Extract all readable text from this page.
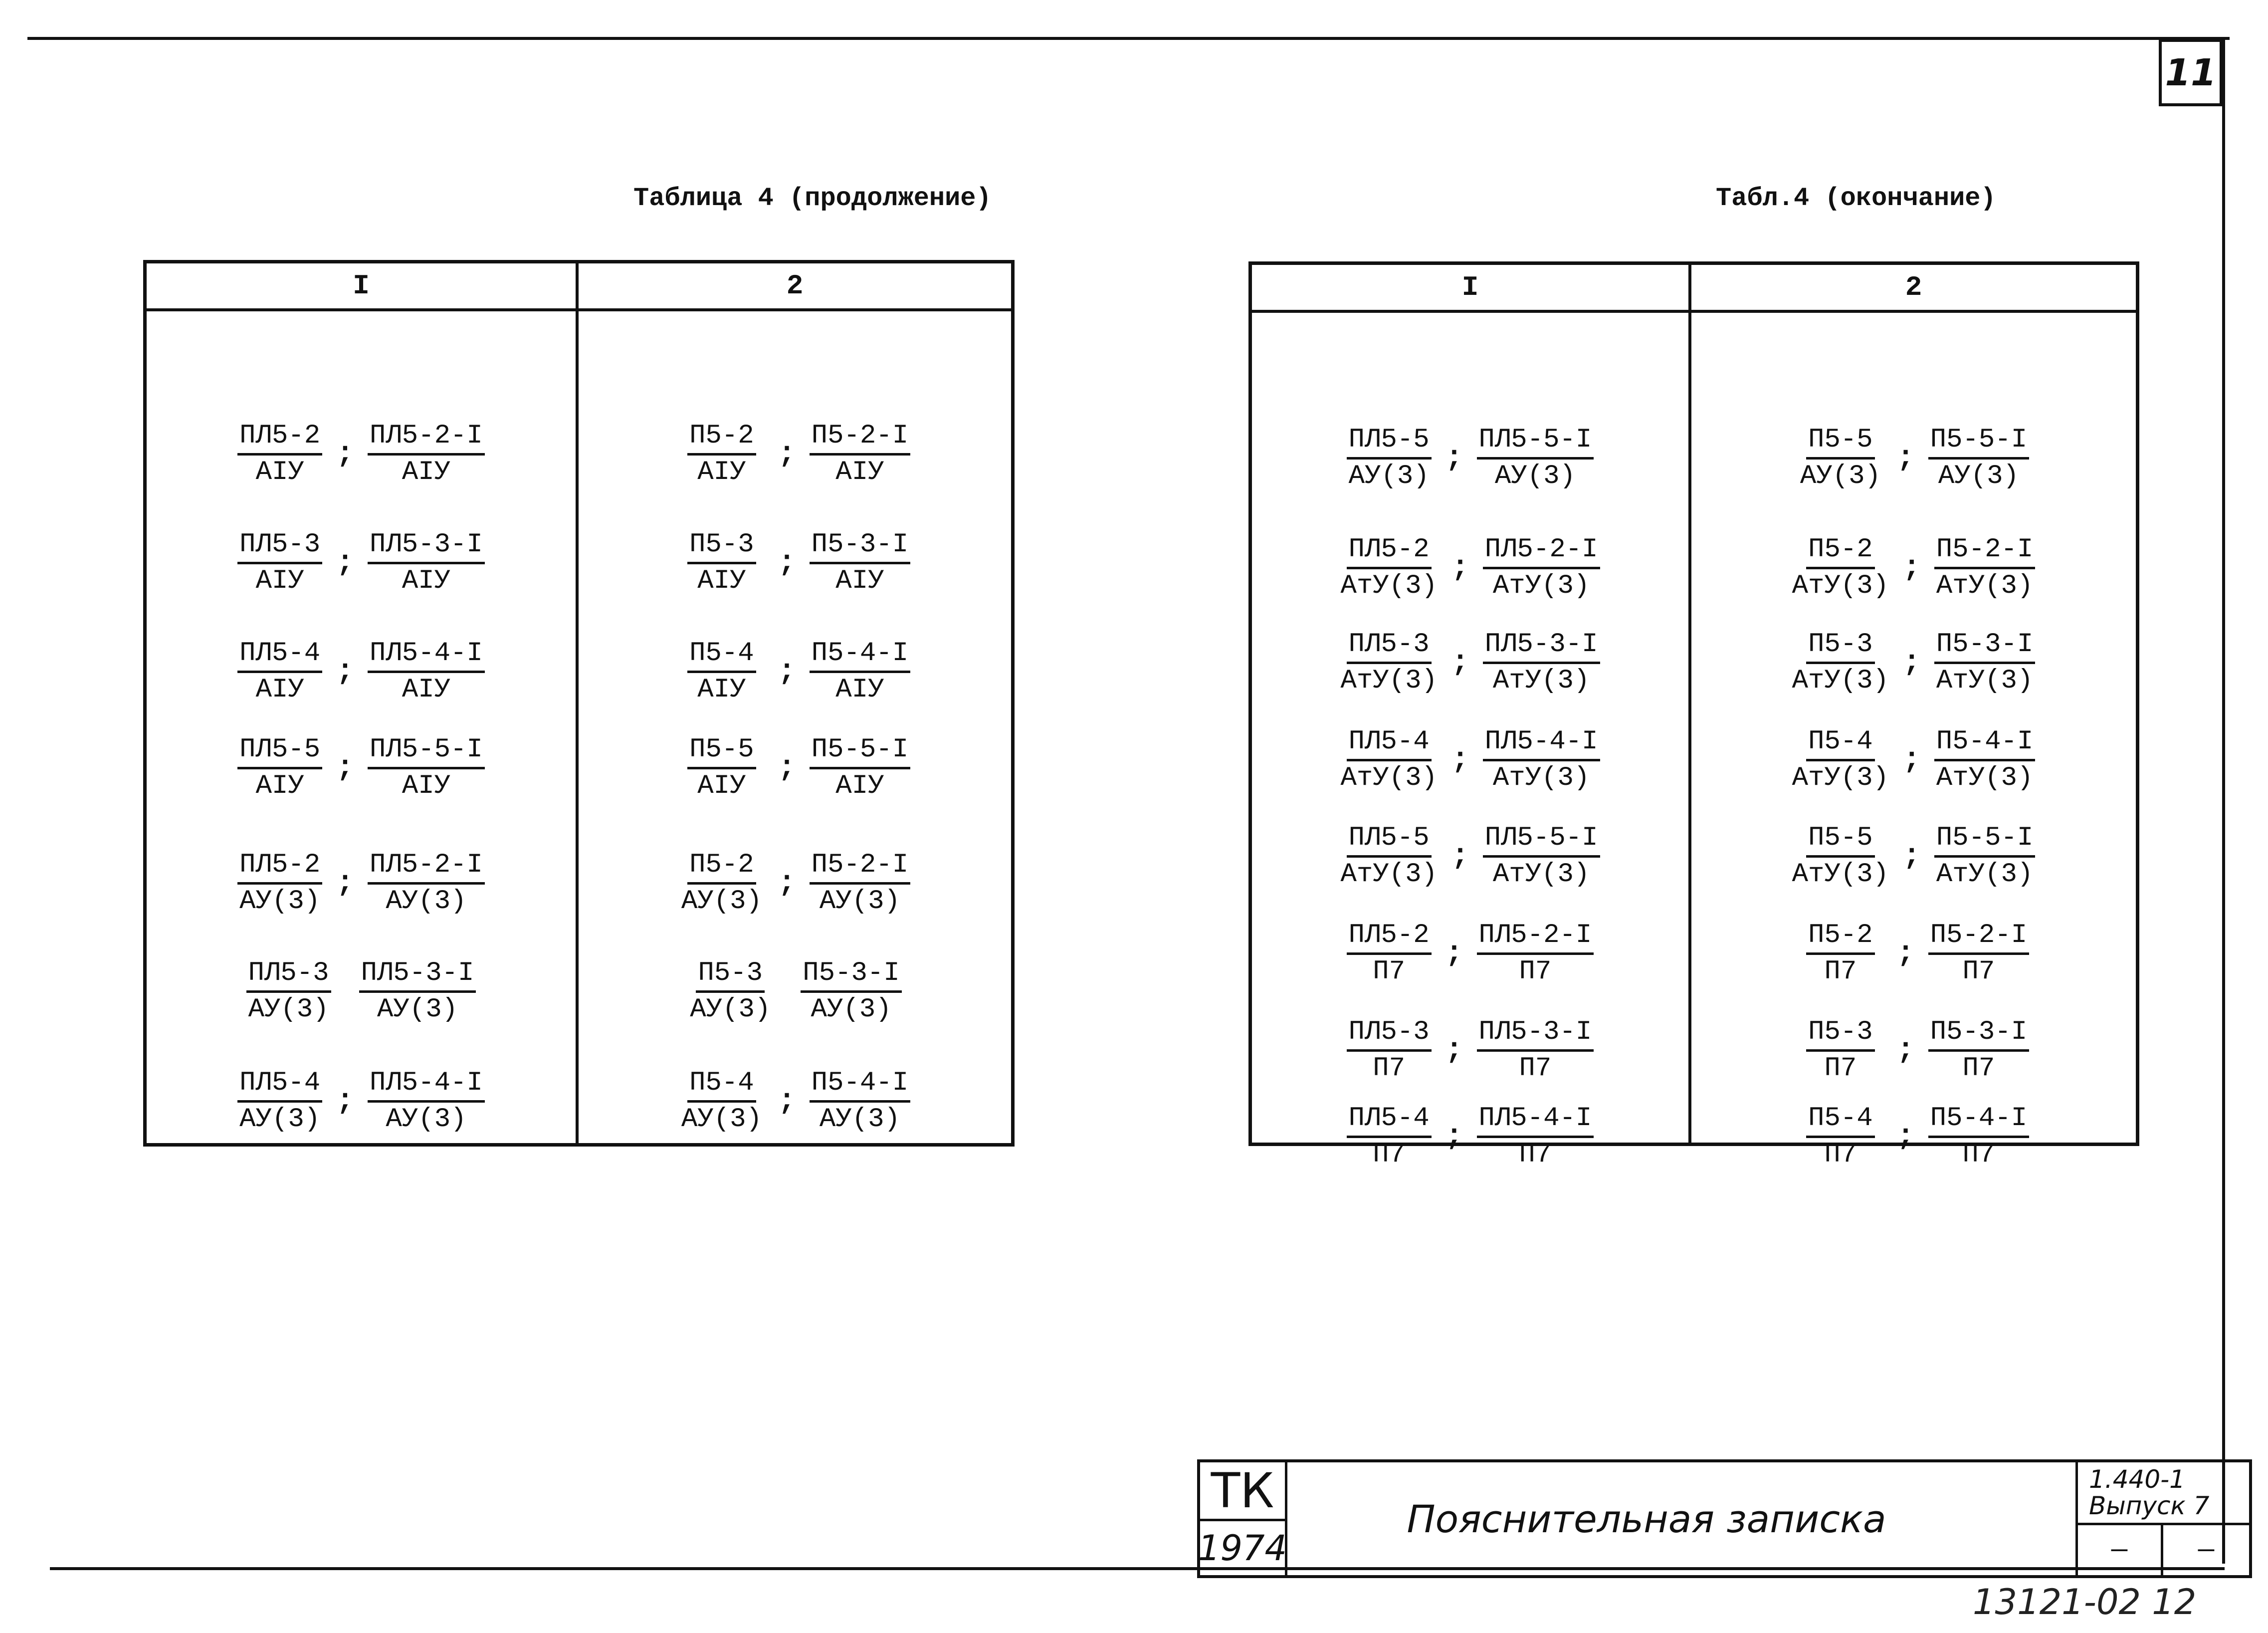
11
Таблица 4 (продолжение)
I
$\frac{ПЛ5-2}{\text{АIУ}}$ ; $\frac{ПЛ5-2-I}{\text{АIУ}}$
$\frac{ПЛ5-3}{\text{АIУ}}$ ; $\frac{ПЛ5-3-I}{\text{АIУ}}$
$\frac{ПЛ5-4}{\text{АIУ}}$ ; $\frac{ПЛ5-4-I}{\text{АIУ}}$
$\frac{ПЛ5-5}{\text{АIУ}}$ ; $\frac{ПЛ5-5-I}{\text{АIУ}}$
$\frac{ПЛ5-2}{АУ(3)}$ ; $\frac{ПЛ5-2-I}{АУ(3)}$
$\frac{ПЛ5-3}{АУ(3)} \frac{ПЛ5-3-I}{АУ(3)}$
$\frac{ПЛ5-4}{АУ(3)}$ ; $\frac{ПЛ5-4-I}{АУ(3)}$
2
$\frac{П5-2}{\text{АIУ}}$ ; $\frac{П5-2-I}{\text{АIУ}}$
$\frac{П5-3}{\text{АIУ}}$ ; $\frac{П5-3-I}{\text{АIУ}}$
$\frac{П5-4}{\text{АIУ}}$ ; $\frac{П5-4-I}{\text{АIУ}}$
$\frac{П5-5}{\text{АIУ}}$ ; $\frac{П5-5-I}{\text{АIУ}}$
$\frac{П5-2}{АУ(3)}$ ; $\frac{П5-2-I}{АУ(3)}$
$\frac{П5-3}{АУ(3)} \frac{П5-3-I}{АУ(3)}$
$\frac{П5-4}{АУ(3)}$ ; $\frac{П5-4-I}{АУ(3)}$
Табл.4 (окончание)
I
$\frac{ПЛ5-5}{АУ(3)}$ ; $\frac{ПЛ5-5-I}{АУ(3)}$
$\frac{ПЛ5-2}{\text{АтУ(3)}}$ ; $\frac{ПЛ5-2-I}{\text{АтУ(3)}}$
$\frac{ПЛ5-3}{\text{АтУ(3)}}$ ; $\frac{ПЛ5-3-I}{\text{АтУ(3)}}$
$\frac{ПЛ5-4}{\text{АтУ(3)}}$ ; $\frac{ПЛ5-4-I}{\text{АтУ(3)}}$
$\frac{ПЛ5-5}{\text{АтУ(3)}}$ ; $\frac{ПЛ5-5-I}{\text{АтУ(3)}}$
$\frac{ПЛ5-2}{П7}$ ; $\frac{ПЛ5-2-I}{П7}$
$\frac{ПЛ5-3}{П7}$ ; $\frac{ПЛ5-3-I}{П7}$
$\frac{ПЛ5-4}{П7}$ ; $\frac{ПЛ5-4-I}{П7}$
2
$\frac{П5-5}{АУ(3)}$ ; $\frac{П5-5-I}{АУ(3)}$
$\frac{П5-2}{\text{АтУ(3)}}$ ; $\frac{П5-2-I}{\text{АтУ(3)}}$
$\frac{П5-3}{\text{АтУ(3)}}$ ; $\frac{П5-3-I}{\text{АтУ(3)}}$
$\frac{П5-4}{\text{АтУ(3)}}$ ; $\frac{П5-4-I}{\text{АтУ(3)}}$
$\frac{П5-5}{\text{АтУ(3)}}$ ; $\frac{П5-5-I}{\text{АтУ(3)}}$
$\frac{П5-2}{П7}$ ; $\frac{П5-2-I}{П7}$
$\frac{П5-3}{П7}$ ; $\frac{П5-3-I}{П7}$
$\frac{П5-4}{П7}$ ; $\frac{П5-4-I}{П7}$
ТК
1974
Пояснительная записка
1.440-1
Выпуск 7
—	—
13121-02 12
